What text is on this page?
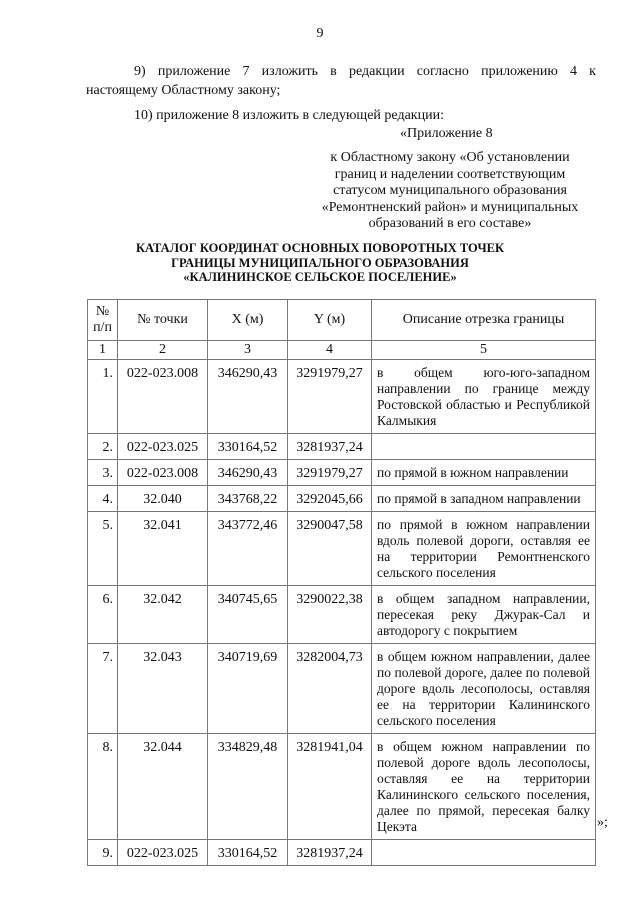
9
9) приложение 7 изложить в редакции согласно приложению 4 к
настоящему Областному закону;
10) приложение 8 изложить в следующей редакции:
«Приложение 8
к Областному закону «Об установлении
границ и наделении соответствующим
статусом муниципального образования
«Ремонтненский район» и муниципальных
образований в его составе»
КАТАЛОГ КООРДИНАТ ОСНОВНЫХ ПОВОРОТНЫХ ТОЧЕК
ГРАНИЦЫ МУНИЦИПАЛЬНОГО ОБРАЗОВАНИЯ
«КАЛИНИНСКОЕ СЕЛЬСКОЕ ПОСЕЛЕНИЕ»
№
п/п	№ точки	X (м)	Y (м)	Описание отрезка границы
1	2	3	4	5
1.	022-023.008	346290,43	3291979,27	в общем юго-юго-западном направлении по границе между Ростовской областью и Республикой Калмыкия
2.	022-023.025	330164,52	3281937,24	
3.	022-023.008	346290,43	3291979,27	по прямой в южном направлении
4.	32.040	343768,22	3292045,66	по прямой в западном направлении
5.	32.041	343772,46	3290047,58	по прямой в южном направлении вдоль полевой дороги, оставляя ее на территории Ремонтненского сельского поселения
6.	32.042	340745,65	3290022,38	в общем западном направлении, пересекая реку Джурак-Сал и автодорогу с покрытием
7.	32.043	340719,69	3282004,73	в общем южном направлении, далее по полевой дороге, далее по полевой дороге вдоль лесополосы, оставляя ее на территории Калининского сельского поселения
8.	32.044	334829,48	3281941,04	в общем южном направлении по полевой дороге вдоль лесополосы, оставляя ее на территории Калининского сельского поселения, далее по прямой, пересекая балку Цекэта
9.	022-023.025	330164,52	3281937,24	
»;
